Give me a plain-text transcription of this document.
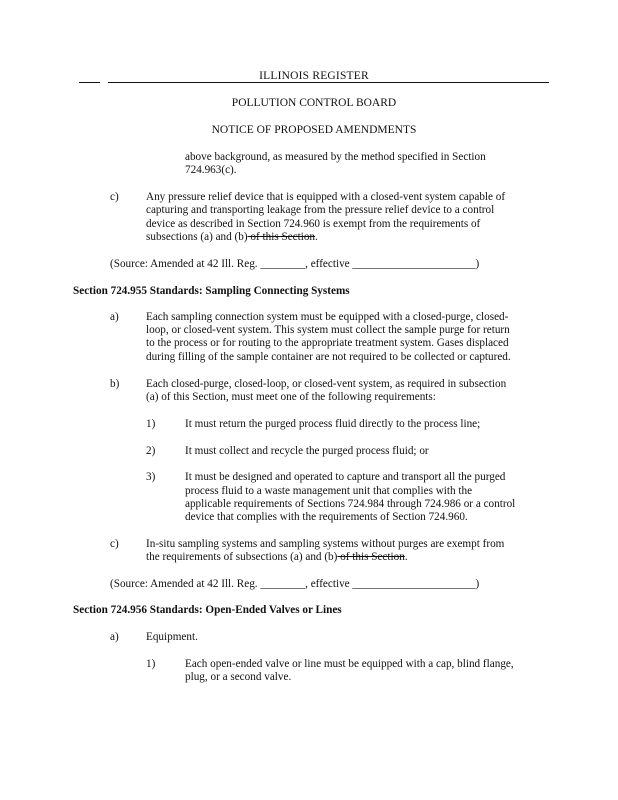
ILLINOIS REGISTER
POLLUTION CONTROL BOARD
NOTICE OF PROPOSED AMENDMENTS
above background, as measured by the method specified in Section
724.963(c).
c) Any pressure relief device that is equipped with a closed-vent system capable of
capturing and transporting leakage from the pressure relief device to a control
device as described in Section 724.960 is exempt from the requirements of
subsections (a) and (b) of this Section.
(Source: Amended at 42 Ill. Reg. ________, effective ______________________)
Section 724.955 Standards: Sampling Connecting Systems
a) Each sampling connection system must be equipped with a closed-purge, closed-
loop, or closed-vent system. This system must collect the sample purge for return
to the process or for routing to the appropriate treatment system. Gases displaced
during filling of the sample container are not required to be collected or captured.
b) Each closed-purge, closed-loop, or closed-vent system, as required in subsection
(a) of this Section, must meet one of the following requirements:
1)	It must return the purged process fluid directly to the process line;
2)	It must collect and recycle the purged process fluid; or
3)	It must be designed and operated to capture and transport all the purged
process fluid to a waste management unit that complies with the
applicable requirements of Sections 724.984 through 724.986 or a control
device that complies with the requirements of Section 724.960.
c) In-situ sampling systems and sampling systems without purges are exempt from
the requirements of subsections (a) and (b) of this Section.
(Source: Amended at 42 Ill. Reg. ________, effective ______________________)
Section 724.956 Standards: Open-Ended Valves or Lines
a) Equipment.
1)	Each open-ended valve or line must be equipped with a cap, blind flange,
plug, or a second valve.
